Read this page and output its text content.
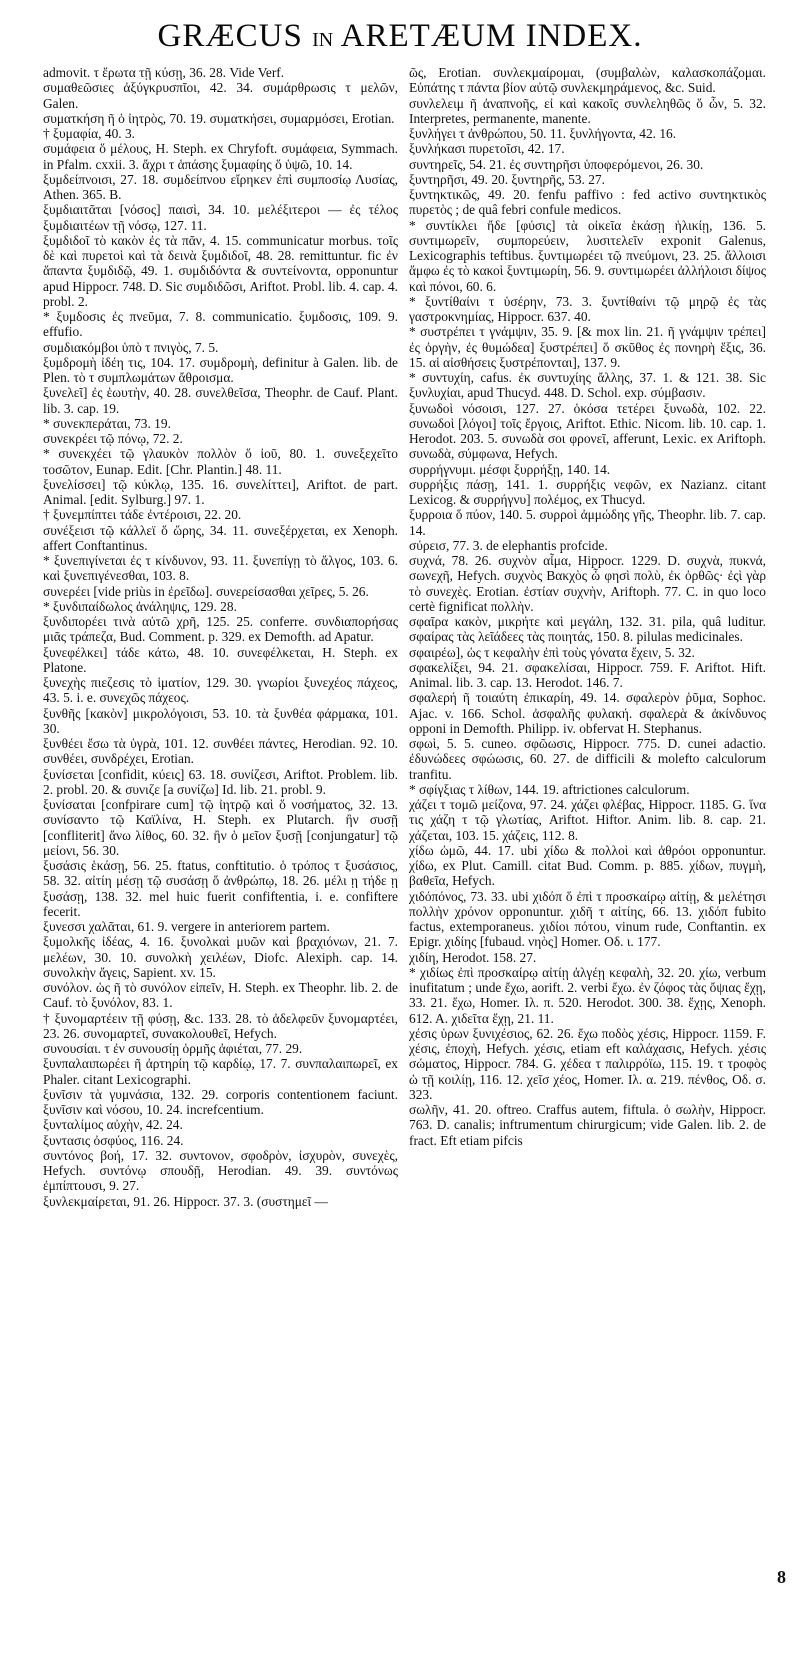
GRÆCUS IN ARETÆUM INDEX.

admovit. τ ἔρωτα τῇ κύσῃ, 36. 28. Vide Verf.

συμαθεῶσιες ἀξύγκρυσπῖοι, 42. 34. συμάρθρωσις τ μελῶν, Galen.

συματκήση ῆ ὁ ἰητρὸς, 70. 19. συματκήσει, συμαρμόσει, Erotian.

† ξυμαφία, 40. 3.

συμάφεια ὅ μέλους, H. Steph. ex Chryfoft. συμάφεια, Symmach. in Pfalm. cxxii. 3. ἄχρι τ ἁπάσης ξυμαφίης ὅ ὑψῶ, 10. 14.

ξυμδείπνοισι, 27. 18. συμδείπνου εἴρηκεν ἐπὶ συμποσίῳ Λυσίας, Athen. 365. B.

ξυμδιαιτᾶται [νόσος] παισὶ, 34. 10. μελέξιτεροι — ἐς τέλος ξυμδιαιτέων τῇ νόσῳ, 127. 11.

ξυμδιδοῖ τὸ κακὸν ἐς τὰ πᾶν, 4. 15. communicatur morbus. τοῖς δὲ καὶ πυρετοὶ καὶ τὰ δεινὰ ξυμδιδοῖ, 48. 28. remittuntur. fic ἐν ἅπαντα ξυμδιδῷ, 49. 1. συμδιδόντα & συντείνοντα, opponuntur apud Hippocr. 748. D. Sic συμδιδῶσι, Ariftot. Probl. lib. 4. cap. 4. probl. 2.

* ξυμδοσις ἐς πνεῦμα, 7. 8. communicatio. ξυμδοσις, 109. 9. effufio.

συμδιακόμβοι ὑπὸ τ πνιγὸς, 7. 5.

ξυμδρομὴ ἰδέη τις, 104. 17. συμδρομὴ, definitur à Galen. lib. de Plen. τὸ τ συμπλωμάτων ἄθροισμα.

ξυνελεῖ] ἐς ἑωυτὴν, 40. 28. συνελθεῖσα, Theophr. de Cauf. Plant. lib. 3. cap. 19.

* συνεκπεράται, 73. 19.

συνεκρέει τῷ πόνῳ, 72. 2.

* συνεκχέει τῷ γλαυκὸν πολλὸν ὅ ἰοῦ, 80. 1. συνεξεχεῖτο τοσῶτον, Eunap. Edit. [Chr. Plantin.] 48. 11.

ξυνελίσσει] τῷ κύκλῳ, 135. 16. συνελίττει], Ariftot. de part. Animal. [edit. Sylburg.] 97. 1.

† ξυνεμπίπτει τάδε ἐντέροισι, 22. 20.

συνέξεισι τῷ κάλλεϊ ὅ ὥρης, 34. 11. συνεξέρχεται, ex Xenoph. affert Conftantinus.

* ξυνεπιγίνεται ἐς τ κίνδυνον, 93. 11. ξυνεπίγῃ τὸ ἄλγος, 103. 6. καὶ ξυνεπιγένεσθαι, 103. 8.

συνερέει [vide priùs in ἐρεῖδω]. συνερείσασθαι χεῖρες, 5. 26.

* ξυνδιπαίδωλος ἀνάληψις, 129. 28.

ξυνδιπορέει τινὰ αὐτῶ χρῆ, 125. 25. conferre. συνδιαπορήσας μιᾶς τράπεζα, Bud. Comment. p. 329. ex Demofth. ad Apatur.

ξυνεφέλκει] τάδε κάτω, 48. 10. συνεφέλκεται, H. Steph. ex Platone.

ξυνεχὴς πιεζεσις τὸ ἱματίον, 129. 30. γνωρίοι ξυνεχέος πάχεος, 43. 5. i. e. συνεχῶς πάχεος.

ξυνθῆς [κακὸν] μικρολόγοισι, 53. 10. τὰ ξυνθέα φάρμακα, 101. 30.

ξυνθέει ἔσω τὰ ὑγρὰ, 101. 12. συνθέει πάντες, Herodian. 92. 10. συνθέει, συνδρέχει, Erotian.

ξυνίσεται [confidit, κύεις] 63. 18. συνίζεσι, Ariftot. Problem. lib. 2. probl. 20. & συνιζε [a συνίζω] Id. lib. 21. probl. 9.

ξυνίσαται [confpirare cum] τῷ ἰητρῷ καὶ ὅ νοσήματος, 32. 13. συνίσαντο τῷ Καϊλίνα, H. Steph. ex Plutarch. ἢν συσῇ [confliterit] ἄνω λίθος, 60. 32. ἢν ὁ μεῖον ξυσῇ [conjungatur] τῷ μείονι, 56. 30.

ξυσάσις ἑκάσῃ, 56. 25. ftatus, conftitutio. ὁ τρόπος τ ξυσάσιος, 58. 32. αἰτίη μέσῃ τῷ συσάσῃ ὅ ἀνθρώπῳ, 18. 26. μέλι ῃ τήδε ῃ ξυσάσῃ, 138. 32. mel huic fuerit confiftentia, i. e. confiftere fecerit.

ξυνεσσι χαλᾶται, 61. 9. vergere in anteriorem partem.

ξυμολκῆς ἰδέας, 4. 16. ξυνολκαὶ μυῶν καὶ βραχιόνων, 21. 7. μελέων, 30. 10. συνολκὴ χειλέων, Diofc. Alexiph. cap. 14. συνολκὴν ἄγεις, Sapient. xv. 15.

συνόλον. ὡς ῆ τὸ συνόλον εἰπεῖν, H. Steph. ex Theophr. lib. 2. de Cauf. τὸ ξυνόλον, 83. 1.

† ξυνομαρτέειν τῇ φύσῃ, &c. 133. 28. τὸ ἀδελφεῦν ξυνομαρτέει, 23. 26. συνομαρτεῖ, συνακολουθεῖ, Hefych.

συνουσίαι. τ ἐν συνουσίῃ ὁρμῆς ἀφιέται, 77. 29.

ξυνπαλαιπωρέει ῆ ἀρτηρίη τῷ καρδίῳ, 17. 7. συνπαλαιπωρεῖ, ex Phaler. citant Lexicographi.

ξυνῖσιν τὰ γυμνάσια, 132. 29. corporis contentionem faciunt. ξυνῖσιν καὶ νόσου, 10. 24. increfcentium.

ξυνταλίμος αὐχὴν, 42. 24.

ξυντασις ὀσφύος, 116. 24.

συντόνος βοή, 17. 32. συντονον, σφοδρὸν, ἰσχυρὸν, συνεχὲς, Hefych. συντόνῳ σπουδῇ, Herodian. 49. 39. συντόνως ἐμπίπτουσι, 9. 27.

ξυνλεκμαίρεται, 91. 26. Hippocr. 37. 3. (συστημεῖ —

ῶς, Erotian. συνλεκμαίρομαι, (συμβαλὼν, καλασκοπάζομαι. Εὐπάτης τ πάντα βίον αὐτῷ συνλεκμηράμενος, &c. Suid.

συνλελειμ ῆ ἀναπνοῆς, εἰ καὶ κακοῖς συνλεληθῶς ὅ ὧν, 5. 32. Interpretes, permanente, manente.

ξυνλήγει τ ἀνθρώπου, 50. 11. ξυνλήγοντα, 42. 16.

ξυνλήκασι πυρετοῖσι, 42. 17.

συντηρεῖς, 54. 21. ἐς συντηρῆσι ὑποφερόμενοι, 26. 30.

ξυντηρῆσι, 49. 20. ξυντηρῆς, 53. 27.

ξυντηκτικῶς, 49. 20. fenfu paffivo : fed activo συντηκτικὸς πυρετὸς ; de quâ febri confule medicos.

* συντίκλει ἤδε [φύσις] τὰ οἰκεῖα ἑκάσῃ ἡλικίῃ, 136. 5. συντιμωρεῖν, συμπορεύειν, λυσιτελεῖν exponit Galenus, Lexicographis teftibus. ξυντιμωρέει τῷ πνεύμονι, 23. 25. ἄλλοισι ἄμφω ἐς τὸ κακοὶ ξυντιμωρίη, 56. 9. συντιμωρέει ἀλλήλοισι δίψος καὶ πόνοι, 60. 6.

* ξυντίθαίνι τ ὑσέρην, 73. 3. ξυντίθαίνι τῷ μηρῷ ἐς τὰς γαστροκνημίας, Hippocr. 637. 40.

* συστρέπει τ γνάμψιν, 35. 9. [& mox lin. 21. ῆ γνάμψιν τρέπει] ἐς ὀργὴν, ἐς θυμώδεα] ξυστρέπει] ὅ σκῦθος ἐς πονηρὴ ἕξις, 36. 15. αἱ αἰσθήσεις ξυστρέπονται], 137. 9.

* συντυχίη, cafus. ἐκ συντυχίης ἄλλης, 37. 1. & 121. 38. Sic ξυνλυχίαι, apud Thucyd. 448. D. Schol. exp. σύμβασιν.

ξυνωδοὶ νόσοισι, 127. 27. ὁκόσα τετέρει ξυνωδὰ, 102. 22. συνωδοὶ [λόγοι] τοῖς ἔργοις, Ariftot. Ethic. Nicom. lib. 10. cap. 1. Herodot. 203. 5. συνωδὰ σοι φρονεῖ, afferunt, Lexic. ex Ariftoph. συνωδὰ, σύμφωνα, Hefych.

συρρήγνυμι. μέσφι ξυρρήξῃ, 140. 14.

συρρήξις πάσῃ, 141. 1. συρρήξις νεφῶν, ex Nazianz. citant Lexicog. & συρρήγνυ] πολέμος, ex Thucyd.

ξυρροια ὅ πύον, 140. 5. συρροὶ ἀμμώδης γῆς, Theophr. lib. 7. cap. 14.

σύρεισ, 77. 3. de elephantis profcide.

συχνά, 78. 26. συχνὸν αἷμα, Hippocr. 1229. D. συχνὰ, πυκνά, σωνεχῆ, Hefych. συχνὸς Βακχὸς ὦ φησὶ πολὺ, ἐκ ὀρθῶς· ἐςὶ γὰρ τὸ συνεχὲς. Erotian. ἐστίαν συχνὴν, Ariftoph. 77. C. in quo loco certè fignificat πολλὴν.

σφαῖρα κακὸν, μικρήτε καὶ μεγάλη, 132. 31. pila, quâ luditur. σφαίρας τὰς λεῖάδεες τὰς ποιητάς, 150. 8. pilulas medicinales.

σφαιρέω], ὡς τ κεφαλὴν ἐπὶ τοὺς γόνατα ἔχειν, 5. 32.

σφακελίξει, 94. 21. σφακελίσαι, Hippocr. 759. F. Ariftot. Hift. Animal. lib. 3. cap. 13. Herodot. 146. 7.

σφαλερή ῆ τοιαύτη ἐπικαρίη, 49. 14. σφαλερὸν ῥῦμα, Sophoc. Ajac. v. 166. Schol. ἀσφαλῆς φυλακή. σφαλερὰ & ἀκίνδυνος opponi in Demofth. Philipp. iv. obfervat H. Stephanus.

σφωὶ, 5. 5. cuneo. σφῶωσις, Hippocr. 775. D. cunei adactio. ἐδυνώδεες σφώωσις, 60. 27. de difficili & molefto calculorum tranfitu.

* σφίγξιας τ λίθων, 144. 19. aftrictiones calculorum.

χάζει τ τομῶ μείζονα, 97. 24. χάζει φλέβας, Hippocr. 1185. G. ἵνα τις χάζη τ τῷ γλωτίας, Ariftot. Hiftor. Anim. lib. 8. cap. 21. χάζεται, 103. 15. χάζεις, 112. 8.

χίδω ὠμῶ, 44. 17. ubi χίδω & πολλοὶ καὶ ἀθρόοι opponuntur. χίδω, ex Plut. Camill. citat Bud. Comm. p. 885. χίδων, πυγμὴ, βαθεῖα, Hefych.

χιδόπόνος, 73. 33. ubi χιδόπ ὅ ἐπὶ τ προσκαίρῳ αἰτίῃ, & μελέτησι πολλὴν χρόνον opponuntur. χιδῆ τ αἰτίης, 66. 13. χιδόπ fubito factus, extemporaneus. χιδίοι πότου, vinum rude, Conftantin. ex Epigr. χιδίης [fubaud. νηὸς] Homer. Οδ. ι. 177.

χιδίη, Herodot. 158. 27.

* χιδίως ἐπὶ προσκαίρῳ αἰτίῃ ἀλγέῃ κεφαλὴ, 32. 20. χίω, verbum inufitatum ; unde ἔχω, aorift. 2. verbi ἔχω. ἐν ζόφος τὰς ὄψιας ἔχῃ, 33. 21. ἔχω, Homer. Ιλ. π. 520. Herodot. 300. 38. ἔχῃς, Xenoph. 612. A. χιδεῖτα ἔχῃ, 21. 11.

χέσις ὑρων ξυνιχέσιος, 62. 26. ἔχω ποδὸς χέσις, Hippocr. 1159. F. χέσις, ἐποχὴ, Hefych. χέσις, etiam eft καλάχασις, Hefych. χέσις σώματος, Hippocr. 784. G. χέδεα τ παλιρρόϊω, 115. 19. τ τροφὸς ὡ τῇ κοιλίῃ, 116. 12. χεῖσ χέος, Homer. Ιλ. α. 219. πένθος, Οδ. σ. 323.

σωλῆν, 41. 20. oftreo. Craffus autem, fiftula. ὁ σωλὴν, Hippocr. 763. D. canalis; inftrumentum chirurgicum; vide Galen. lib. 2. de fract. Eft etiam pifcis

8
